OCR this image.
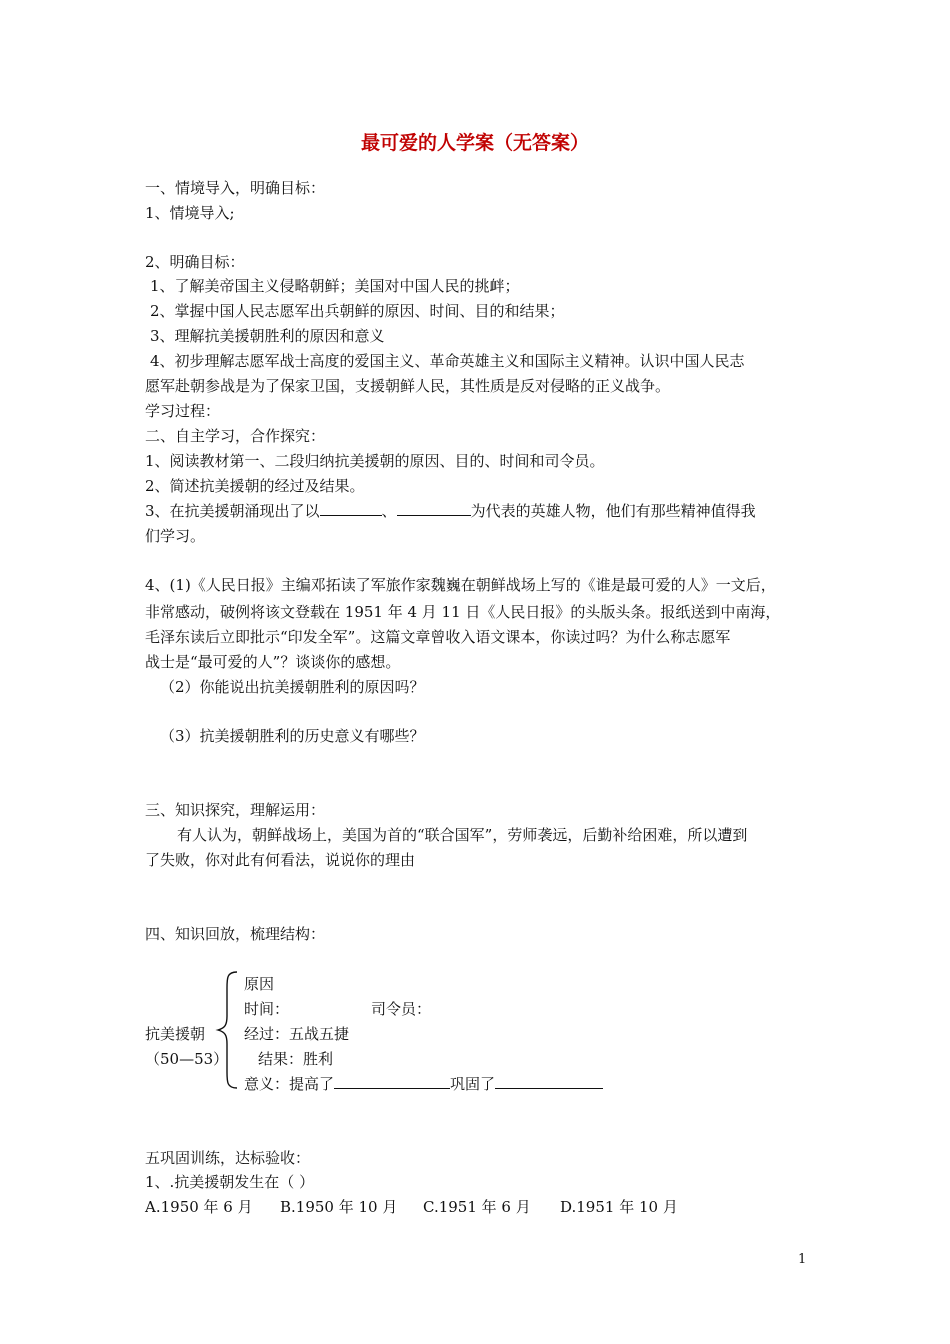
最可爱的人学案（无答案）
一、情境导入，明确目标：
1、情境导入;
2、明确目标：
1、了解美帝国主义侵略朝鲜；美国对中国人民的挑衅；
2、掌握中国人民志愿军出兵朝鲜的原因、时间、目的和结果；
3、理解抗美援朝胜利的原因和意义
4、初步理解志愿军战士高度的爱国主义、革命英雄主义和国际主义精神。认识中国人民志
愿军赴朝参战是为了保家卫国，支援朝鲜人民，其性质是反对侵略的正义战争。
学习过程：
二、自主学习，合作探究：
1、阅读教材第一、二段归纳抗美援朝的原因、目的、时间和司令员。
2、简述抗美援朝的经过及结果。
3、在抗美援朝涌现出了以	、	为代表的英雄人物，他们有那些精神值得我
们学习。
4、(1)《人民日报》主编邓拓读了军旅作家魏巍在朝鲜战场上写的《谁是最可爱的人》一文后，
非常感动，破例将该文登载在 1951 年 4 月 11 日《人民日报》的头版头条。报纸送到中南海，
毛泽东读后立即批示“印发全军”。这篇文章曾收入语文课本，你读过吗？为什么称志愿军
战士是“最可爱的人”？谈谈你的感想。
（2）你能说出抗美援朝胜利的原因吗？
（3）抗美援朝胜利的历史意义有哪些？
三、知识探究，理解运用：
有人认为，朝鲜战场上，美国为首的“联合国军”，劳师袭远，后勤补给困难，所以遭到
了失败，你对此有何看法，说说你的理由
四、知识回放，梳理结构：
抗美援朝
（50—53）
原因
时间：	司令员：
经过：五战五捷
结果：胜利
意义：提高了	巩固了
五巩固训练，达标验收：
1、.抗美援朝发生在（ ）
A.1950 年 6 月 B.1950 年 10 月 C.1951 年 6 月 D.1951 年 10 月
1
